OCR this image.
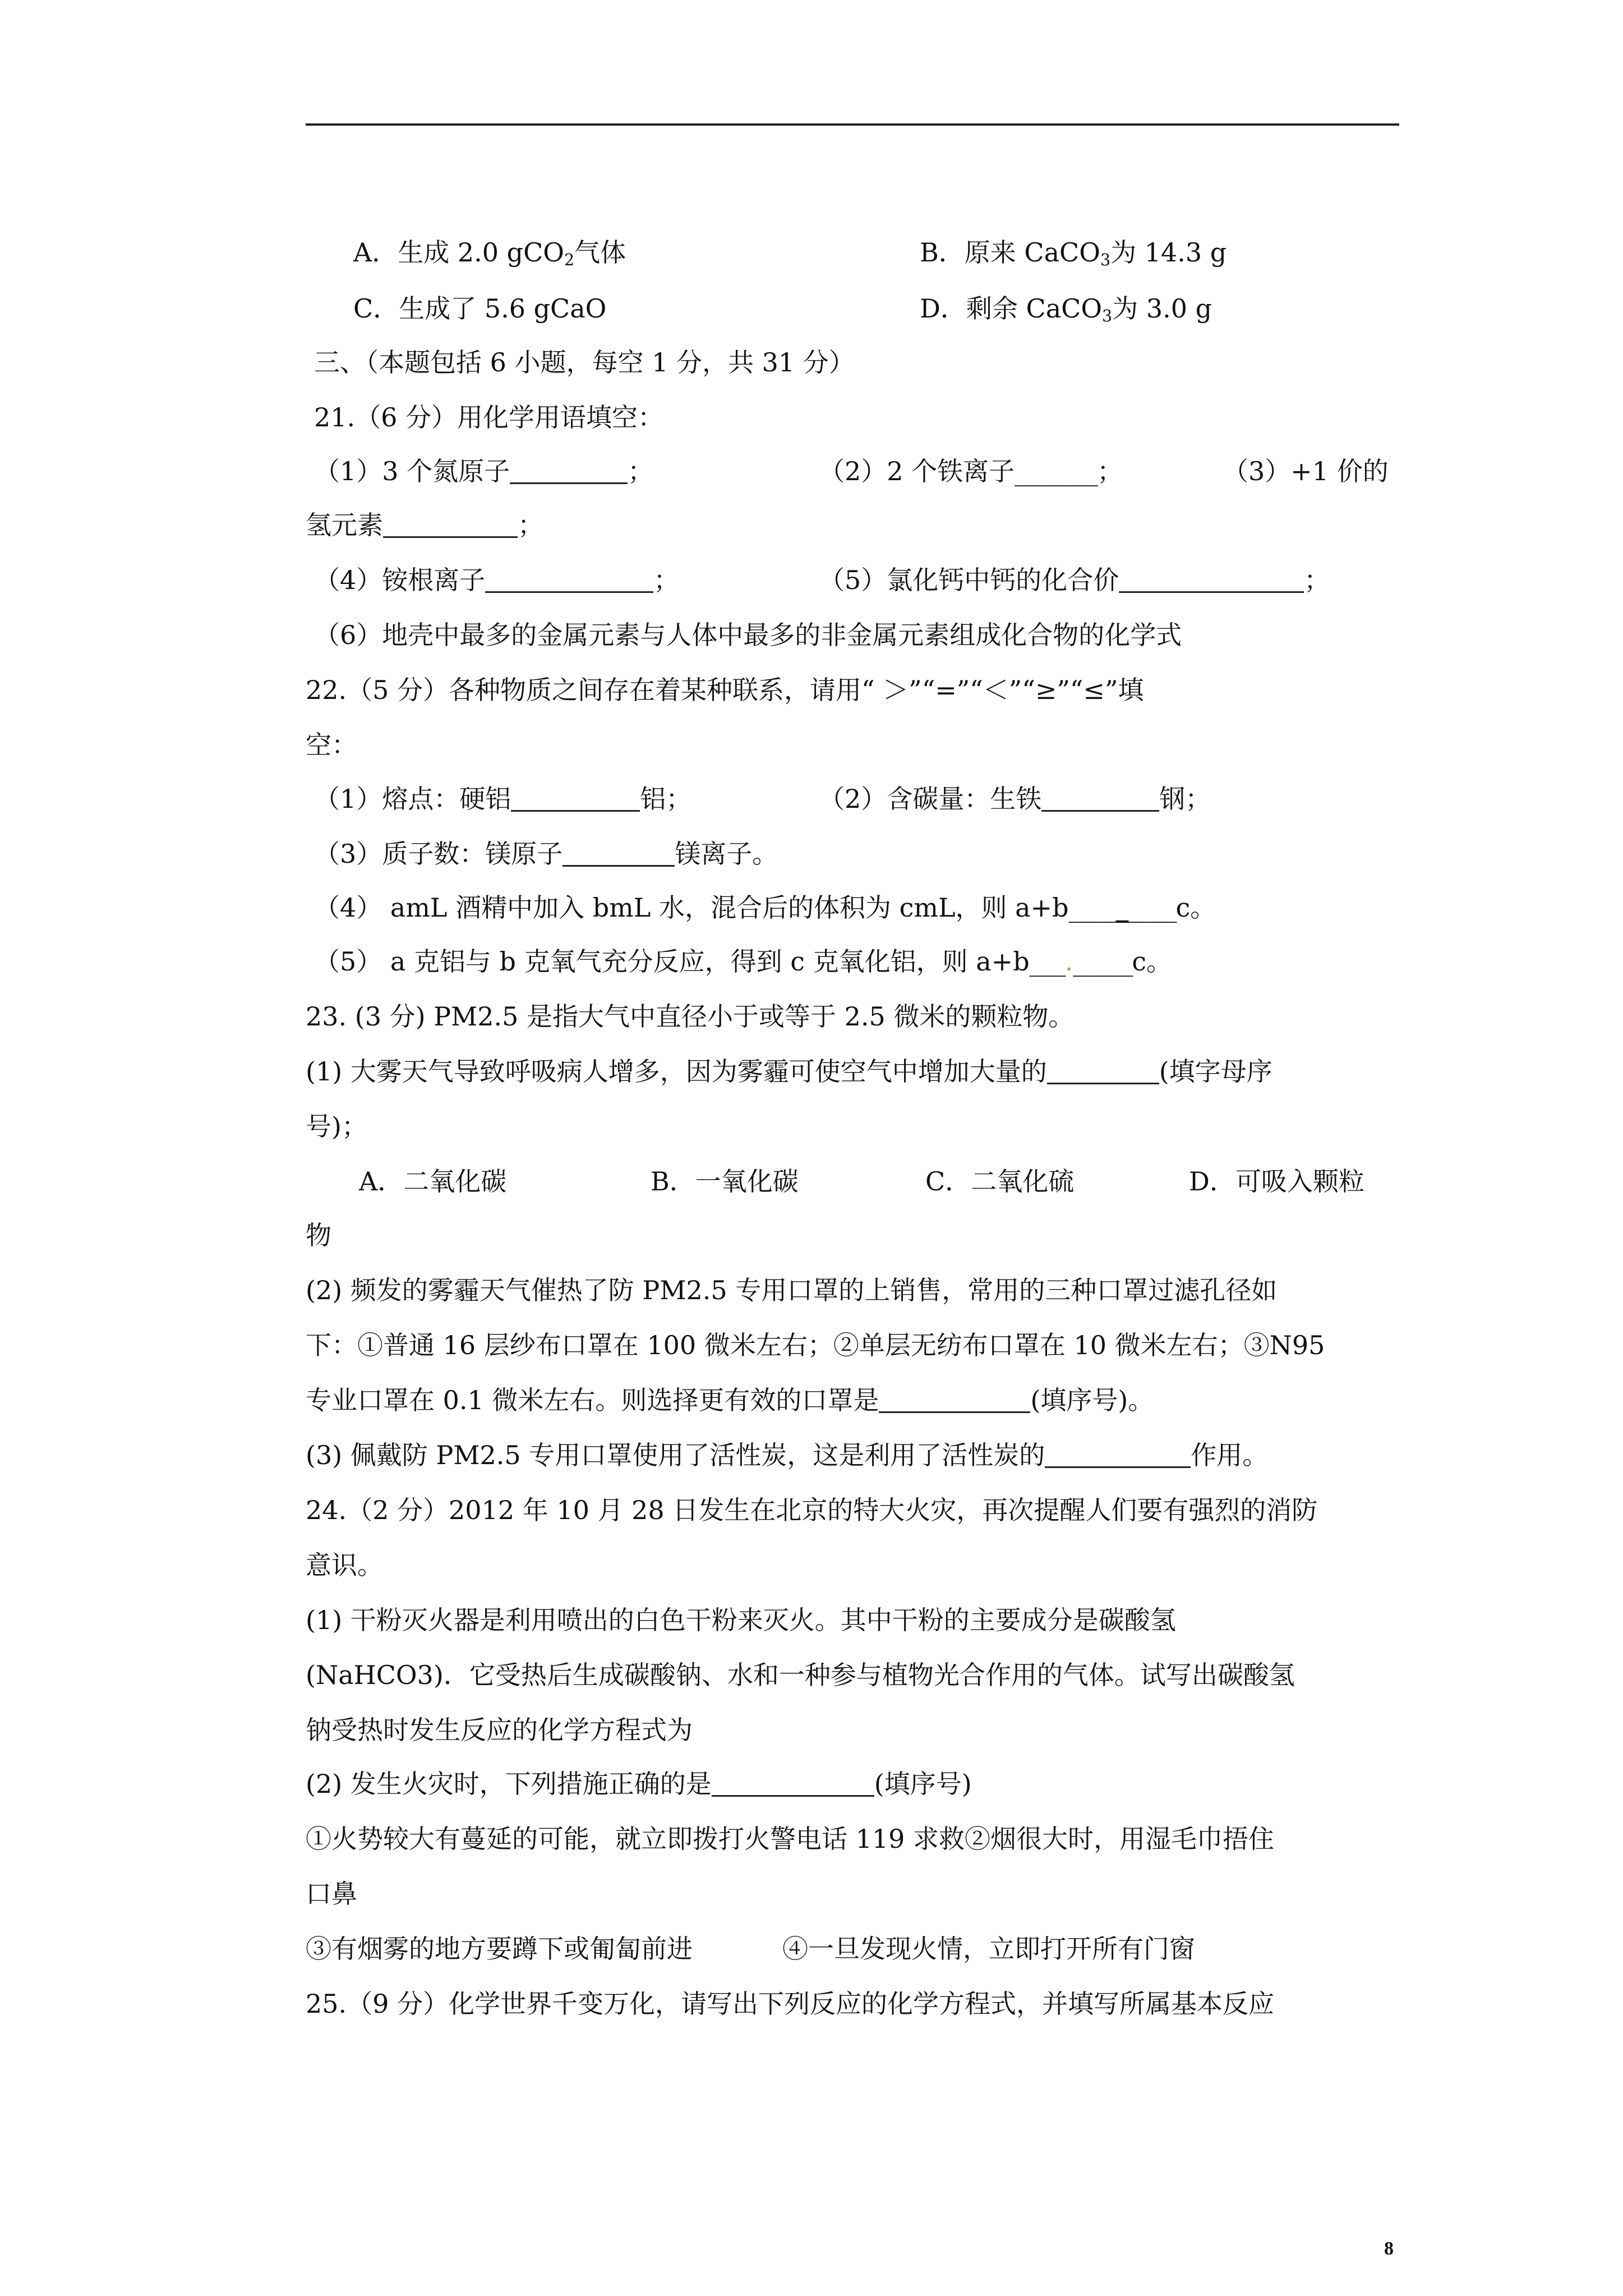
A．生成 2.0 gCO$_2$气体	B．原来 CaCO$_3$为 14.3 g
C．生成了 5.6 gCaO	D．剩余 CaCO$_3$为 3.0 g
三、（本题包括 6 小题，每空 1 分，共 31 分）
21.（6 分）用化学用语填空：
（1）3 个氮原子	；	（2）2 个铁离子_______；	（3）+1 价的
氢元素	；
（4）铵根离子	；	（5）氯化钙中钙的化合价	；
（6）地壳中最多的金属元素与人体中最多的非金属元素组成化合物的化学式
22.（5 分）各种物质之间存在着某种联系，请用“ ＞”“=”“＜”“≥”“≤”填
空：
（1）熔点：硬铝	铝；	（2）含碳量：生铁	钢；
（3）质子数：镁原子	镁离子。
（4） amL 酒精中加入 bmL 水，混合后的体积为 cmL，则 a+b_________c。
（5） a 克铝与 b 克氧气充分反应，得到 c 克氧化铝，则 a+b___._____c。
23. (3 分) PM2.5 是指大气中直径小于或等于 2.5 微米的颗粒物。
(1) 大雾天气导致呼吸病人增多，因为雾霾可使空气中增加大量的	(填字母序
号)；
A．二氧化碳	B．一氧化碳	C．二氧化硫	D．可吸入颗粒
物
(2) 频发的雾霾天气催热了防 PM2.5 专用口罩的上销售，常用的三种口罩过滤孔径如
下：①普通 16 层纱布口罩在 100 微米左右；②单层无纺布口罩在 10 微米左右；③N95
专业口罩在 0.1 微米左右。则选择更有效的口罩是	(填序号)。
(3) 佩戴防 PM2.5 专用口罩使用了活性炭，这是利用了活性炭的	作用。
24.（2 分）2012 年 10 月 28 日发生在北京的特大火灾，再次提醒人们要有强烈的消防
意识。
(1) 干粉灭火器是利用喷出的白色干粉来灭火。其中干粉的主要成分是碳酸氢
(NaHCO3)．它受热后生成碳酸钠、水和一种参与植物光合作用的气体。试写出碳酸氢
钠受热时发生反应的化学方程式为
(2) 发生火灾时，下列措施正确的是	(填序号)
①火势较大有蔓延的可能，就立即拨打火警电话 119 求救②烟很大时，用湿毛巾捂住
口鼻
③有烟雾的地方要蹲下或匍匐前进	④一旦发现火情，立即打开所有门窗
25.（9 分）化学世界千变万化，请写出下列反应的化学方程式，并填写所属基本反应
8
